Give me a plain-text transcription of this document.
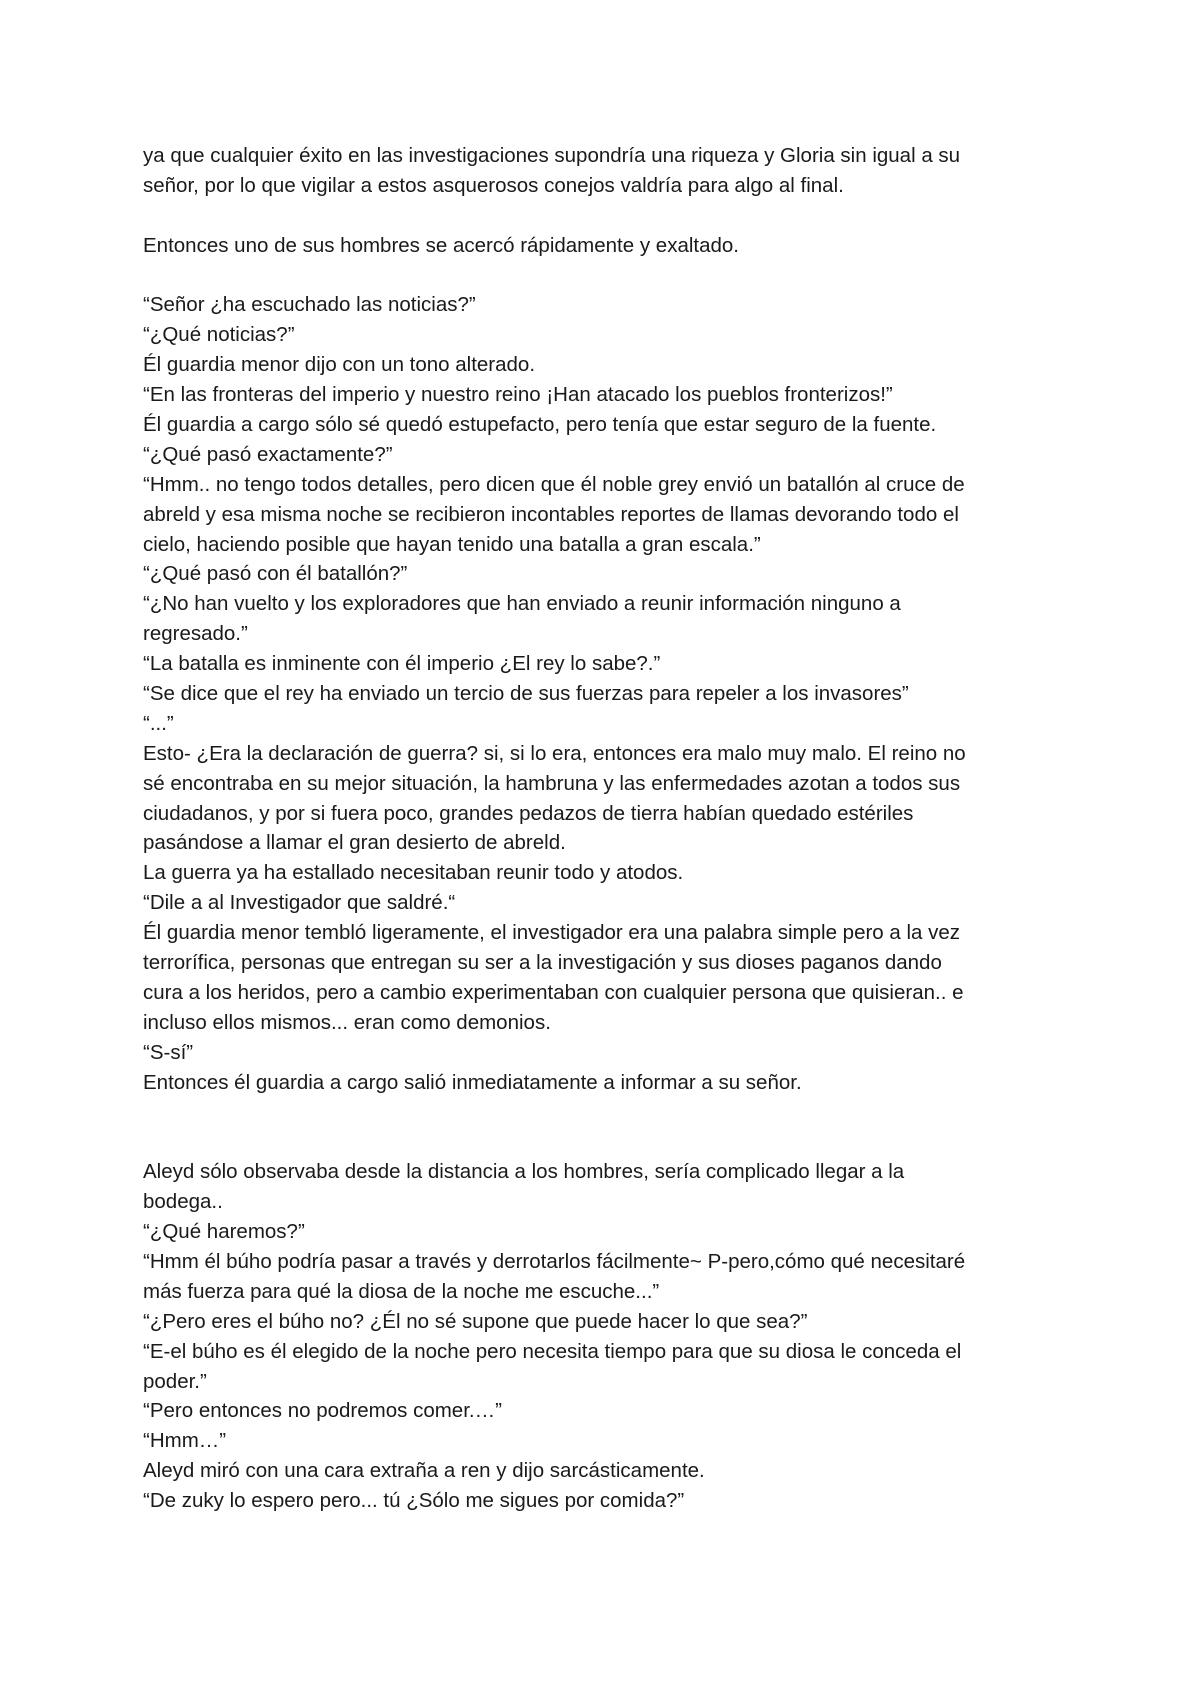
ya que cualquier éxito en las investigaciones supondría una riqueza y Gloria sin igual a su
señor, por lo que vigilar a estos asquerosos conejos valdría para algo al final.
Entonces uno de sus hombres se acercó rápidamente y exaltado.
“Señor ¿ha escuchado las noticias?”
“¿Qué noticias?”
Él guardia menor dijo con un tono alterado.
“En las fronteras del imperio y nuestro reino ¡Han atacado los pueblos fronterizos!”
Él guardia a cargo sólo sé quedó estupefacto, pero tenía que estar seguro de la fuente.
“¿Qué pasó exactamente?”
“Hmm.. no tengo todos detalles, pero dicen que él noble grey envió un batallón al cruce de
abreld y esa misma noche se recibieron incontables reportes de llamas devorando todo el
cielo, haciendo posible que hayan tenido una batalla a gran escala.”
“¿Qué pasó con él batallón?”
“¿No han vuelto y los exploradores que han enviado a reunir información ninguno a
regresado.”
“La batalla es inminente con él imperio ¿El rey lo sabe?.”
“Se dice que el rey ha enviado un tercio de sus fuerzas para repeler a los invasores”
“...”
Esto- ¿Era la declaración de guerra? si, si lo era, entonces era malo muy malo. El reino no
sé encontraba en su mejor situación, la hambruna y las enfermedades azotan a todos sus
ciudadanos, y por si fuera poco, grandes pedazos de tierra habían quedado estériles
pasándose a llamar el gran desierto de abreld.
La guerra ya ha estallado necesitaban reunir todo y atodos.
“Dile a al Investigador que saldré.“
Él guardia menor tembló ligeramente, el investigador era una palabra simple pero a la vez
terrorífica, personas que entregan su ser a la investigación y sus dioses paganos dando
cura a los heridos, pero a cambio experimentaban con cualquier persona que quisieran.. e
incluso ellos mismos... eran como demonios.
“S-sí”
Entonces él guardia a cargo salió inmediatamente a informar a su señor.
Aleyd sólo observaba desde la distancia a los hombres, sería complicado llegar a la
bodega..
“¿Qué haremos?”
“Hmm él búho podría pasar a través y derrotarlos fácilmente~ P-pero,cómo qué necesitaré
más fuerza para qué la diosa de la noche me escuche...”
“¿Pero eres el búho no? ¿Él no sé supone que puede hacer lo que sea?”
“E-el búho es él elegido de la noche pero necesita tiempo para que su diosa le conceda el
poder.”
“Pero entonces no podremos comer.…”
“Hmm…”
Aleyd miró con una cara extraña a ren y dijo sarcásticamente.
“De zuky lo espero pero... tú ¿Sólo me sigues por comida?”
